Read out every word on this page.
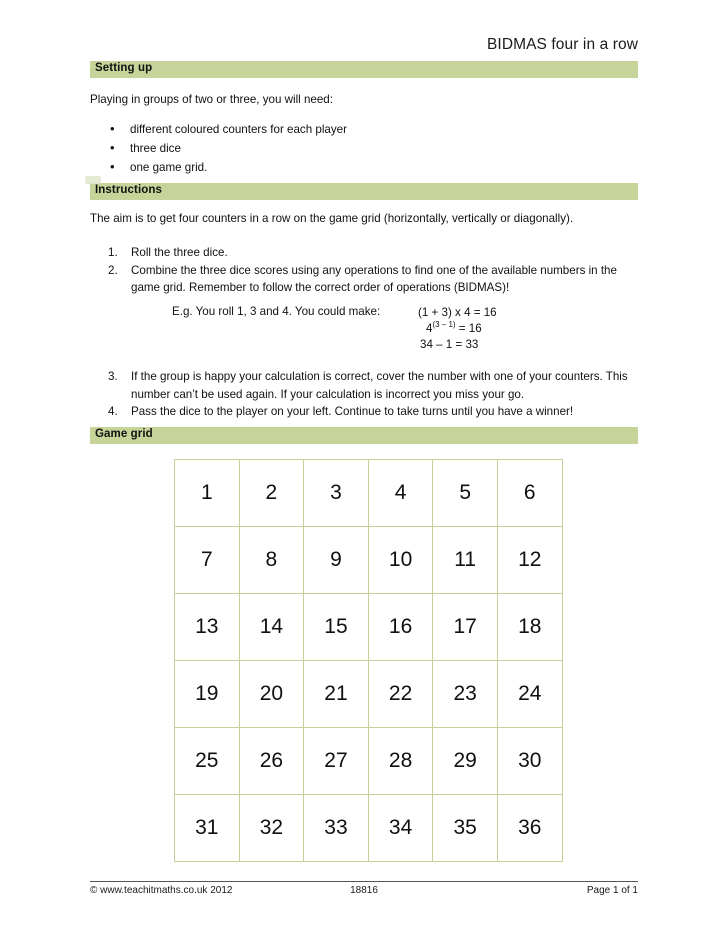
BIDMAS four in a row
Setting up
Playing in groups of two or three, you will need:
• different coloured counters for each player
• three dice
• one game grid.
Instructions
The aim is to get four counters in a row on the game grid (horizontally, vertically or diagonally).
1.	Roll the three dice.
2.	Combine the three dice scores using any operations to find one of the available numbers in the game grid. Remember to follow the correct order of operations (BIDMAS)!
E.g. You roll 1, 3 and 4. You could make:	(1 + 3) x 4 = 16
$4^{(3 - 1)} = 16$
34 – 1 = 33
3.	If the group is happy your calculation is correct, cover the number with one of your counters. This number can’t be used again. If your calculation is incorrect you miss your go.
4.	Pass the dice to the player on your left. Continue to take turns until you have a winner!
Game grid
1	2	3	4	5	6
7	8	9	10	11	12
13	14	15	16	17	18
19	20	21	22	23	24
25	26	27	28	29	30
31	32	33	34	35	36
© www.teachitmaths.co.uk 2012	18816	Page 1 of 1
